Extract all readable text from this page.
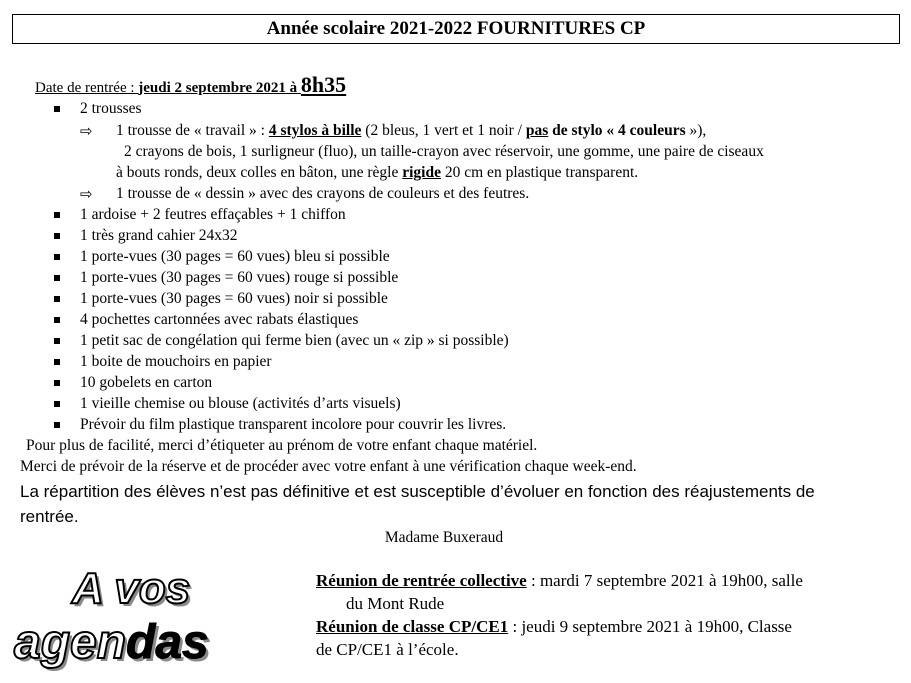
Année scolaire 2021-2022 FOURNITURES CP
Date de rentrée : jeudi 2 septembre 2021 à 8h35
2 trousses
⇨ 1 trousse de « travail » : 4 stylos à bille (2 bleus, 1 vert et 1 noir / pas de stylo « 4 couleurs »),
2 crayons de bois, 1 surligneur (fluo), un taille-crayon avec réservoir, une gomme, une paire de ciseaux
à bouts ronds, deux colles en bâton, une règle rigide 20 cm en plastique transparent.
⇨ 1 trousse de « dessin » avec des crayons de couleurs et des feutres.
1 ardoise + 2 feutres effaçables + 1 chiffon
1 très grand cahier 24x32
1 porte-vues (30 pages = 60 vues) bleu si possible
1 porte-vues (30 pages = 60 vues) rouge si possible
1 porte-vues (30 pages = 60 vues) noir si possible
4 pochettes cartonnées avec rabats élastiques
1 petit sac de congélation qui ferme bien (avec un « zip » si possible)
1 boite de mouchoirs en papier
10 gobelets en carton
1 vieille chemise ou blouse (activités d’arts visuels)
Prévoir du film plastique transparent incolore pour couvrir les livres.
Pour plus de facilité, merci d’étiqueter au prénom de votre enfant chaque matériel.
Merci de prévoir de la réserve et de procéder avec votre enfant à une vérification chaque week-end.
La répartition des élèves n’est pas définitive et est susceptible d’évoluer en fonction des réajustements de
rentrée.
Madame Buxeraud
A vos
agendas
Réunion de rentrée collective : mardi 7 septembre 2021 à 19h00, salle
du Mont Rude
Réunion de classe CP/CE1 : jeudi 9 septembre 2021 à 19h00, Classe
de CP/CE1 à l’école.
